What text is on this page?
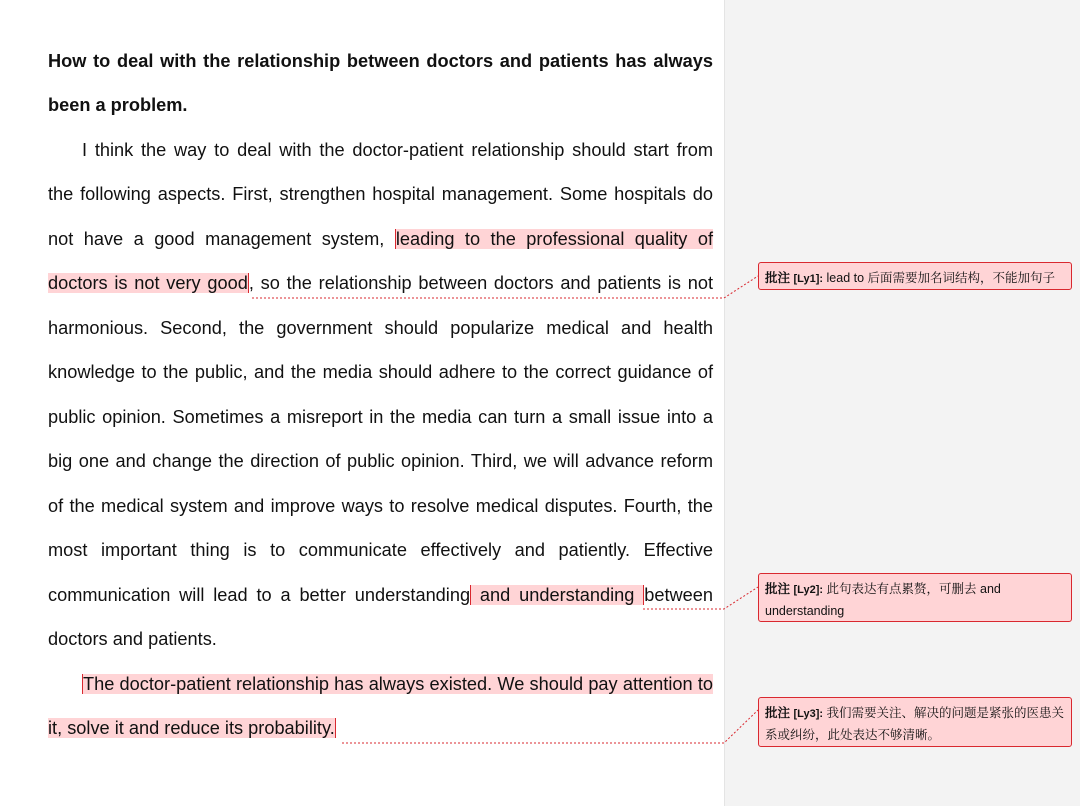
How to deal with the relationship between doctors and patients has always
been a problem.
I think the way to deal with the doctor-patient relationship should start from
the following aspects. First, strengthen hospital management. Some hospitals do
not have a good management system, leading to the professional quality of
doctors is not very good, so the relationship between doctors and patients is not
harmonious. Second, the government should popularize medical and health
knowledge to the public, and the media should adhere to the correct guidance of
public opinion. Sometimes a misreport in the media can turn a small issue into a
big one and change the direction of public opinion. Third, we will advance reform
of the medical system and improve ways to resolve medical disputes. Fourth, the
most important thing is to communicate effectively and patiently. Effective
communication will lead to a better understanding and understanding between
doctors and patients.
The doctor-patient relationship has always existed. We should pay attention to
it, solve it and reduce its probability.
批注 [Ly1]: lead to 后面需要加名词结构，不能加句子
批注 [Ly2]: 此句表达有点累赘，可删去 and understanding
批注 [Ly3]: 我们需要关注、解决的问题是紧张的医患关系或纠纷，此处表达不够清晰。
